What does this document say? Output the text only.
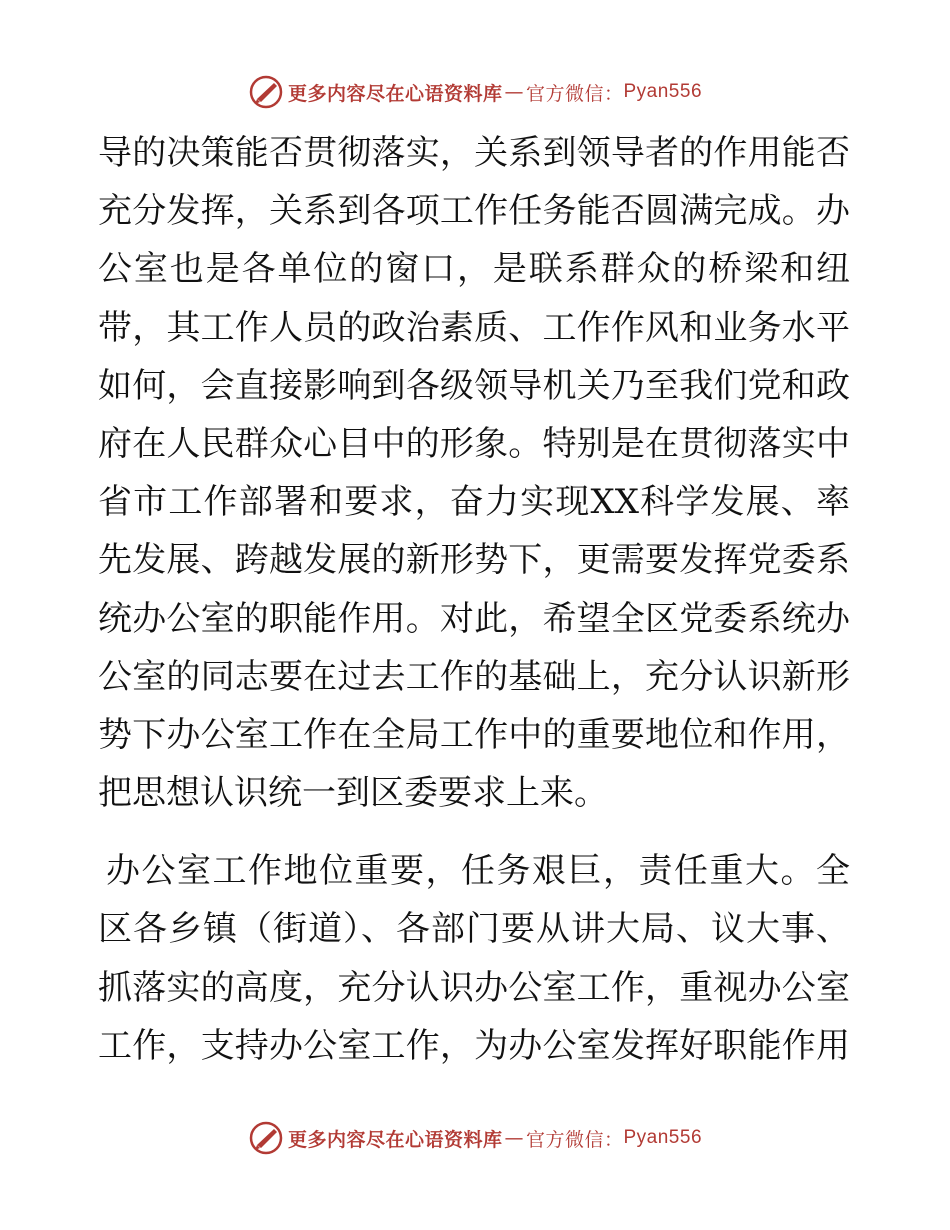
更多内容尽在心语资料库 — 官方微信： Pyan556
导的决策能否贯彻落实，关系到领导者的作用能否
充分发挥，关系到各项工作任务能否圆满完成。办
公室也是各单位的窗口，是联系群众的桥梁和纽
带，其工作人员的政治素质、工作作风和业务水平
如何，会直接影响到各级领导机关乃至我们党和政
府在人民群众心目中的形象。特别是在贯彻落实中
省市工作部署和要求，奋力实现XX科学发展、率
先发展、跨越发展的新形势下，更需要发挥党委系
统办公室的职能作用。对此，希望全区党委系统办
公室的同志要在过去工作的基础上，充分认识新形
势下办公室工作在全局工作中的重要地位和作用，
把思想认识统一到区委要求上来。
办公室工作地位重要，任务艰巨，责任重大。全
区各乡镇（街道）、各部门要从讲大局、议大事、
抓落实的高度，充分认识办公室工作，重视办公室
工作，支持办公室工作，为办公室发挥好职能作用
更多内容尽在心语资料库 — 官方微信： Pyan556
